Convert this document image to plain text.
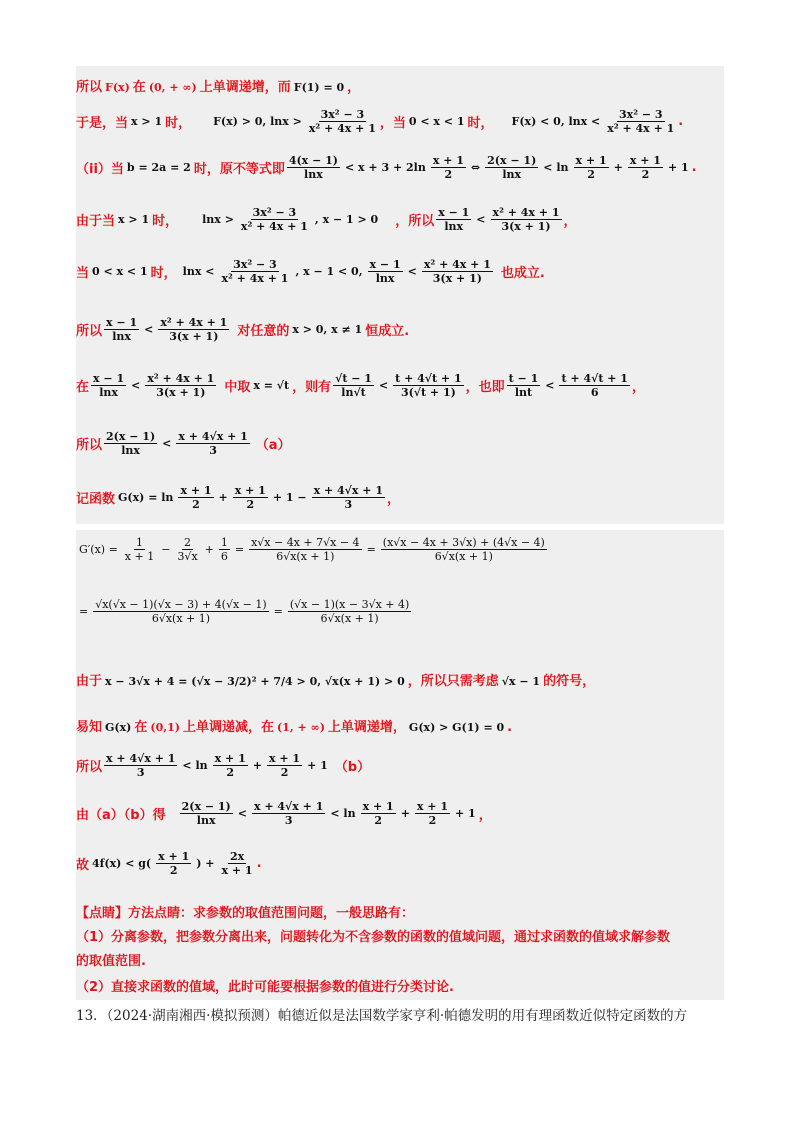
所以 F(x) 在 (0, + ∞) 上单调递增，而 F(1) = 0 ，
于是，当 x > 1 时， F(x) > 0, $\ln x > \frac{\text{3x² − 3}}{\text{x² + 4x + 1}}$ ，当 0 < x < 1 时， F(x) < 0, $\ln x < \frac{\text{3x² − 3}}{\text{x² + 4x + 1}}$ .
（ii）当 b = 2a = 2 时，原不等式即 $\frac{4(x - 1)}{\ln x} < x + 3 + 2\ln \frac{x + 1}{2}$ ⇔ $\frac{2(x - 1)}{\ln x} < \ln \frac{x + 1}{2} + \frac{x + 1}{2} + 1$ .
由于当 x > 1 时， $\ln x > \frac{\text{3x² − 3}}{\text{x² + 4x + 1}}$ , x − 1 > 0 ，所以 $\frac{x - 1}{\ln x} < \frac{\text{x² + 4x + 1}}{3(x + 1)}$ ，
当 0 < x < 1 时， $\ln x < \frac{\text{3x² − 3}}{\text{x² + 4x + 1}}$ , x − 1 < 0, $\frac{x - 1}{\ln x} < \frac{\text{x² + 4x + 1}}{3(x + 1)}$ 也成立.
所以 $\frac{x - 1}{\ln x} < \frac{\text{x² + 4x + 1}}{3(x + 1)}$ 对任意的 x > 0, x ≠ 1 恒成立.
在 $\frac{x - 1}{\ln x} < \frac{\text{x² + 4x + 1}}{3(x + 1)}$ 中取 x = √t ，则有 $\frac{√t - 1}{\ln√t} < \frac{t + 4√t + 1}{3(√t + 1)}$ ，也即 $\frac{t - 1}{\ln t} < \frac{t + 4√t + 1}{6}$ ，
所以 $\frac{2(x - 1)}{\ln x} < \frac{x + 4√x + 1}{3} (a)$
记函数 $G(x) = \ln \frac{x + 1}{2} + \frac{x + 1}{2} + 1 - \frac{x + 4√x + 1}{3}$ ，
$G'(x) = \frac{1}{x + 1} - \frac{2}{3√x} + \frac{1}{6} = \frac{x√x - 4x + 7√x - 4}{6√x(x + 1)} = \frac{(x√x - 4x + 3√x) + (4√x - 4)}{6√x(x + 1)}$
= $\frac{√x(√x - 1)(√x - 3) + 4(√x - 1)}{6√x(x + 1)} = \frac{(√x - 1)(x - 3√x + 4)}{6√x(x + 1)}$
由于 x − 3√x + 4 = (√x − 3/2)² + 7/4 > 0, √x(x + 1) > 0 ，所以只需考虑 √x − 1 的符号，
易知 G(x) 在 (0,1) 上单调递减，在 (1, + ∞) 上单调递增， G(x) > G(1) = 0 .
所以 $\frac{x + 4√x + 1}{3} < \ln \frac{x + 1}{2} + \frac{x + 1}{2} + 1$ （b）
由（a）（b）得 $\frac{2(x - 1)}{\ln x} < \frac{x + 4√x + 1}{3} < \ln \frac{x + 1}{2} + \frac{x + 1}{2} + 1$ ，
故 $4f(x) < g( \frac{x + 1}{2}$ ) + $\frac{2x}{x + 1}$ .
【点睛】方法点睛：求参数的取值范围问题，一般思路有：
（1）分离参数，把参数分离出来，问题转化为不含参数的函数的值域问题，通过求函数的值域求解参数
的取值范围.
（2）直接求函数的值域，此时可能要根据参数的值进行分类讨论.
13．（2024·湖南湘西·模拟预测）帕德近似是法国数学家亨利·帕德发明的用有理函数近似特定函数的方
